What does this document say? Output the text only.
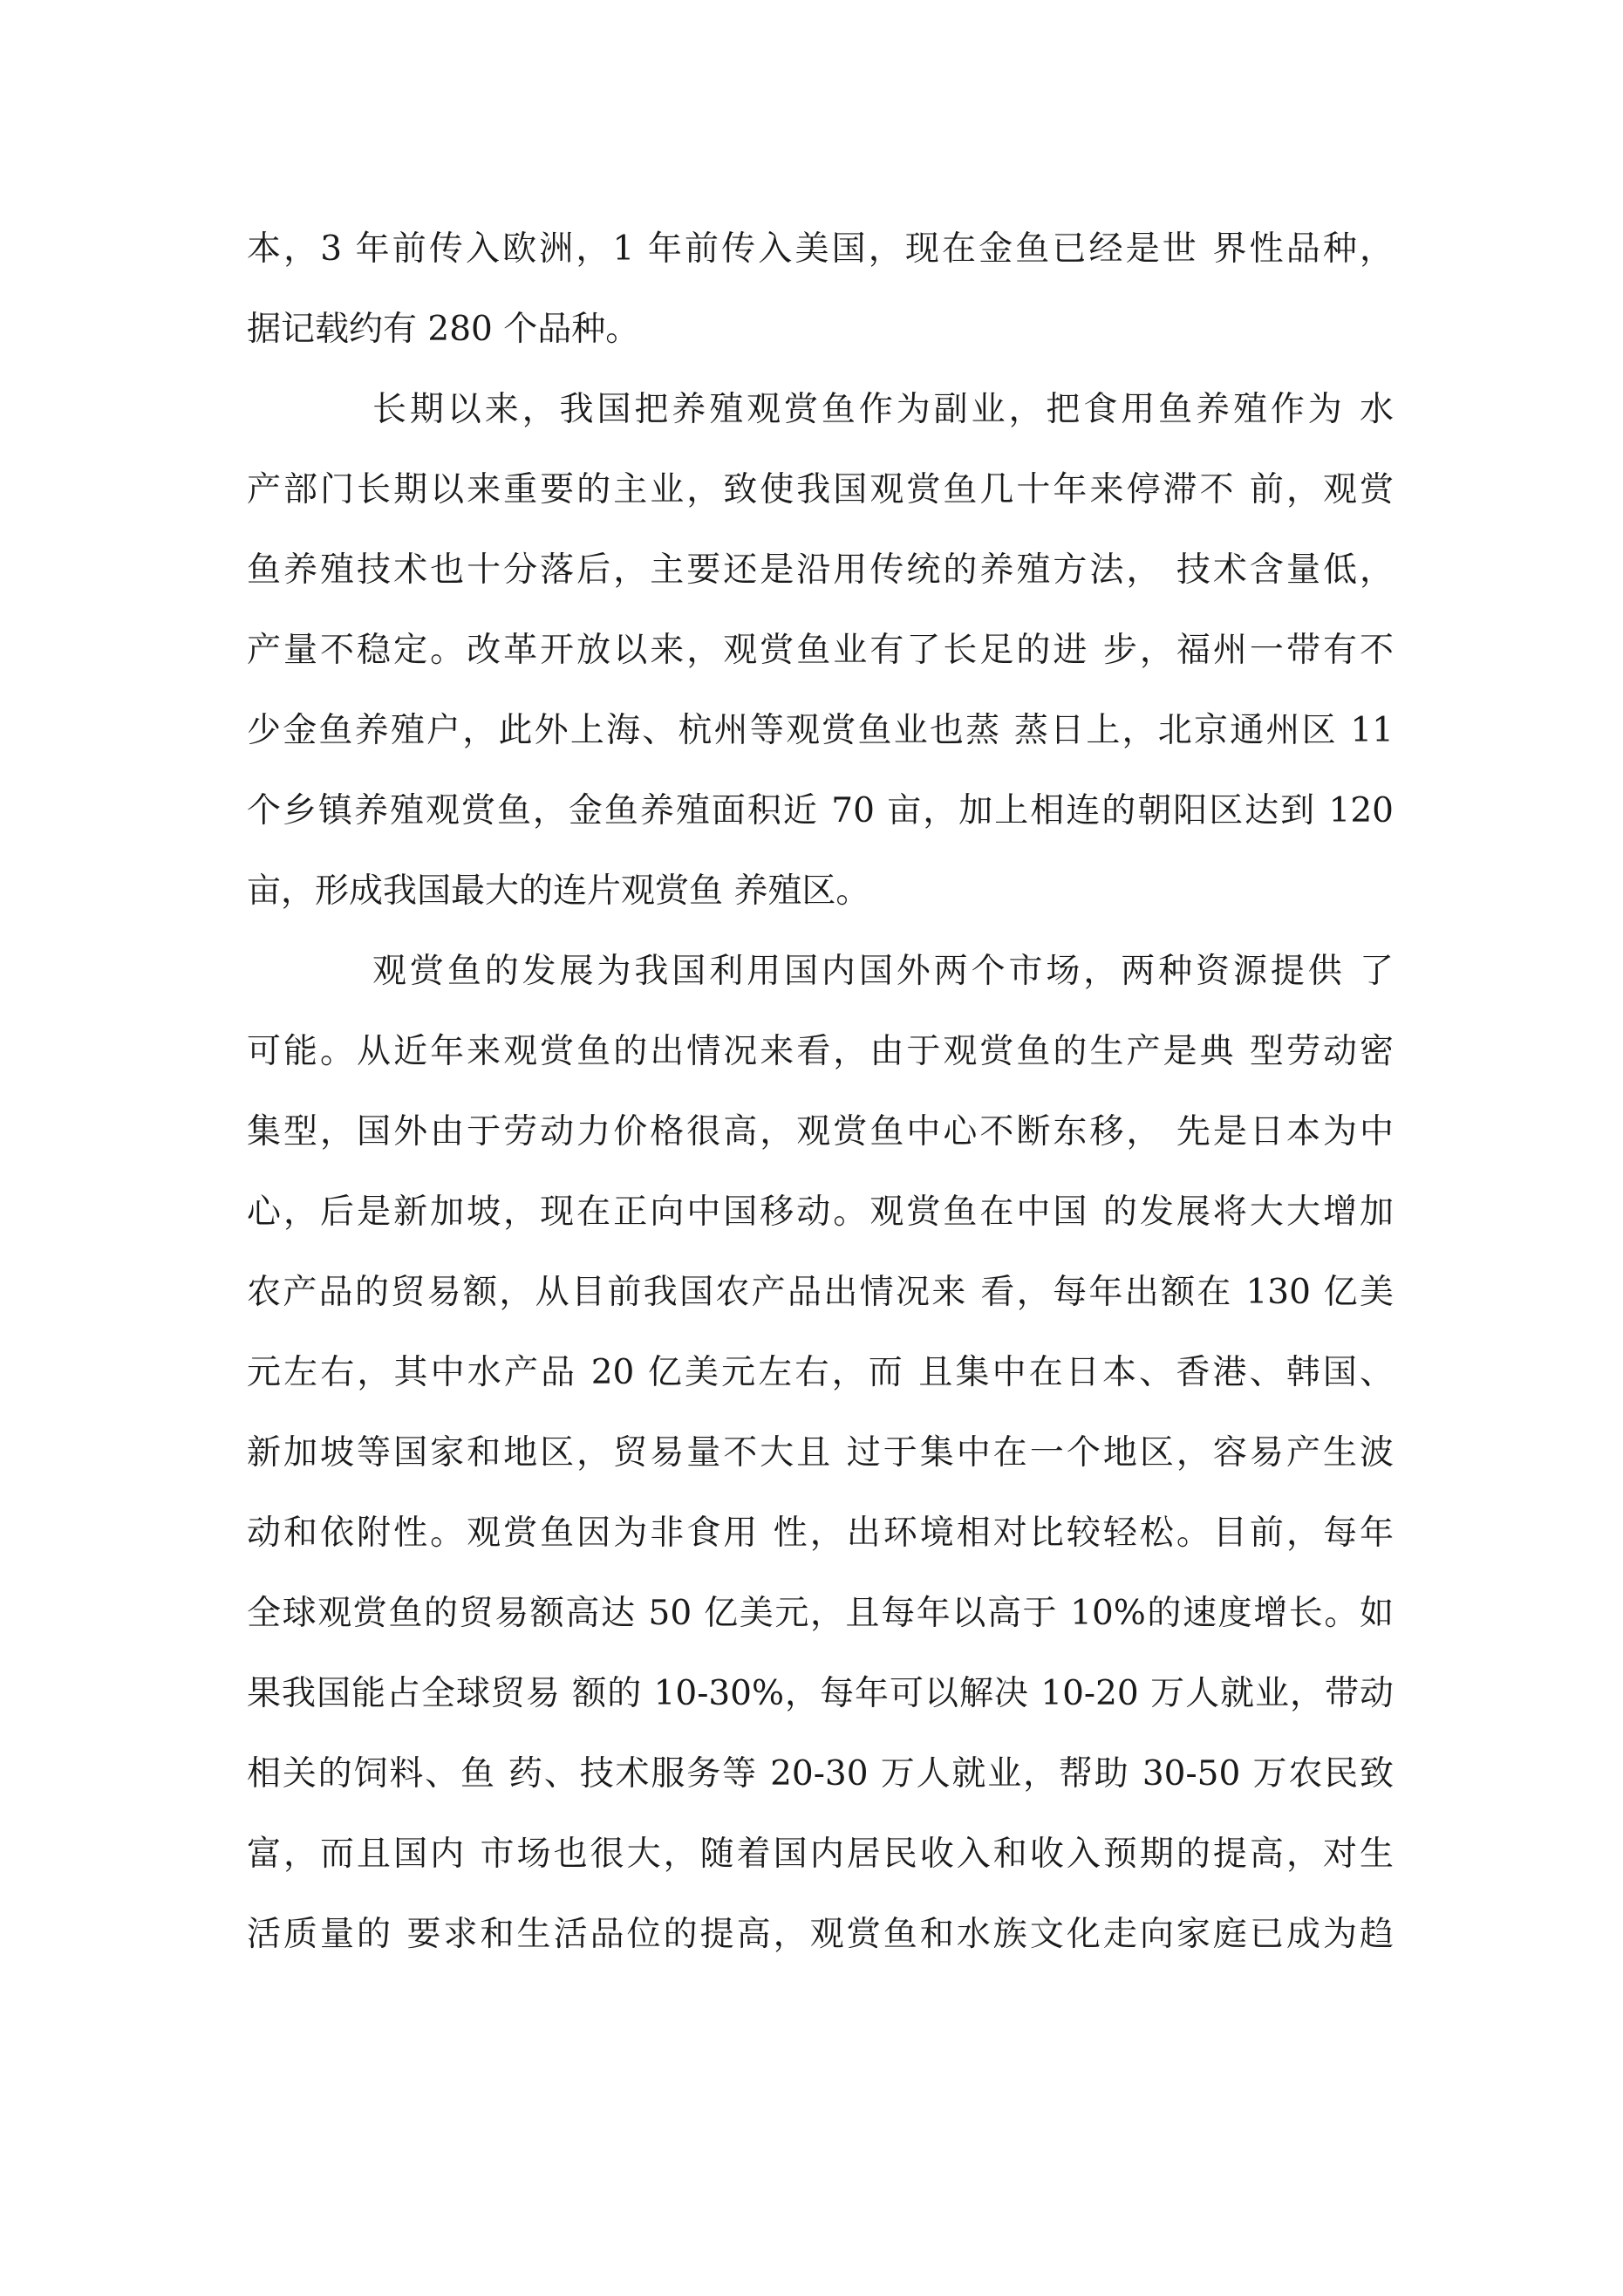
本，3 年前传入欧洲，1 年前传入美国，现在金鱼已经是世 界性品种，
据记载约有 280 个品种。
长期以来，我国把养殖观赏鱼作为副业，把食用鱼养殖作为 水
产部门长期以来重要的主业，致使我国观赏鱼几十年来停滞不 前，观赏
鱼养殖技术也十分落后，主要还是沿用传统的养殖方法， 技术含量低，
产量不稳定。改革开放以来，观赏鱼业有了长足的进 步，福州一带有不
少金鱼养殖户，此外上海、杭州等观赏鱼业也蒸 蒸日上，北京通州区 11
个乡镇养殖观赏鱼，金鱼养殖面积近 70 亩，加上相连的朝阳区达到 120
亩，形成我国最大的连片观赏鱼 养殖区。
观赏鱼的发展为我国利用国内国外两个市场，两种资源提供 了
可能。从近年来观赏鱼的出情况来看，由于观赏鱼的生产是典 型劳动密
集型，国外由于劳动力价格很高，观赏鱼中心不断东移， 先是日本为中
心，后是新加坡，现在正向中国移动。观赏鱼在中国 的发展将大大增加
农产品的贸易额，从目前我国农产品出情况来 看，每年出额在 130 亿美
元左右，其中水产品 20 亿美元左右，而 且集中在日本、香港、韩国、
新加坡等国家和地区，贸易量不大且 过于集中在一个地区，容易产生波
动和依附性。观赏鱼因为非食用 性，出环境相对比较轻松。目前，每年
全球观赏鱼的贸易额高达 50 亿美元，且每年以高于 10%的速度增长。如
果我国能占全球贸易 额的 10-30%，每年可以解决 10-20 万人就业，带动
相关的饲料、鱼 药、技术服务等 20-30 万人就业，帮助 30-50 万农民致
富，而且国内 市场也很大，随着国内居民收入和收入预期的提高，对生
活质量的 要求和生活品位的提高，观赏鱼和水族文化走向家庭已成为趋
